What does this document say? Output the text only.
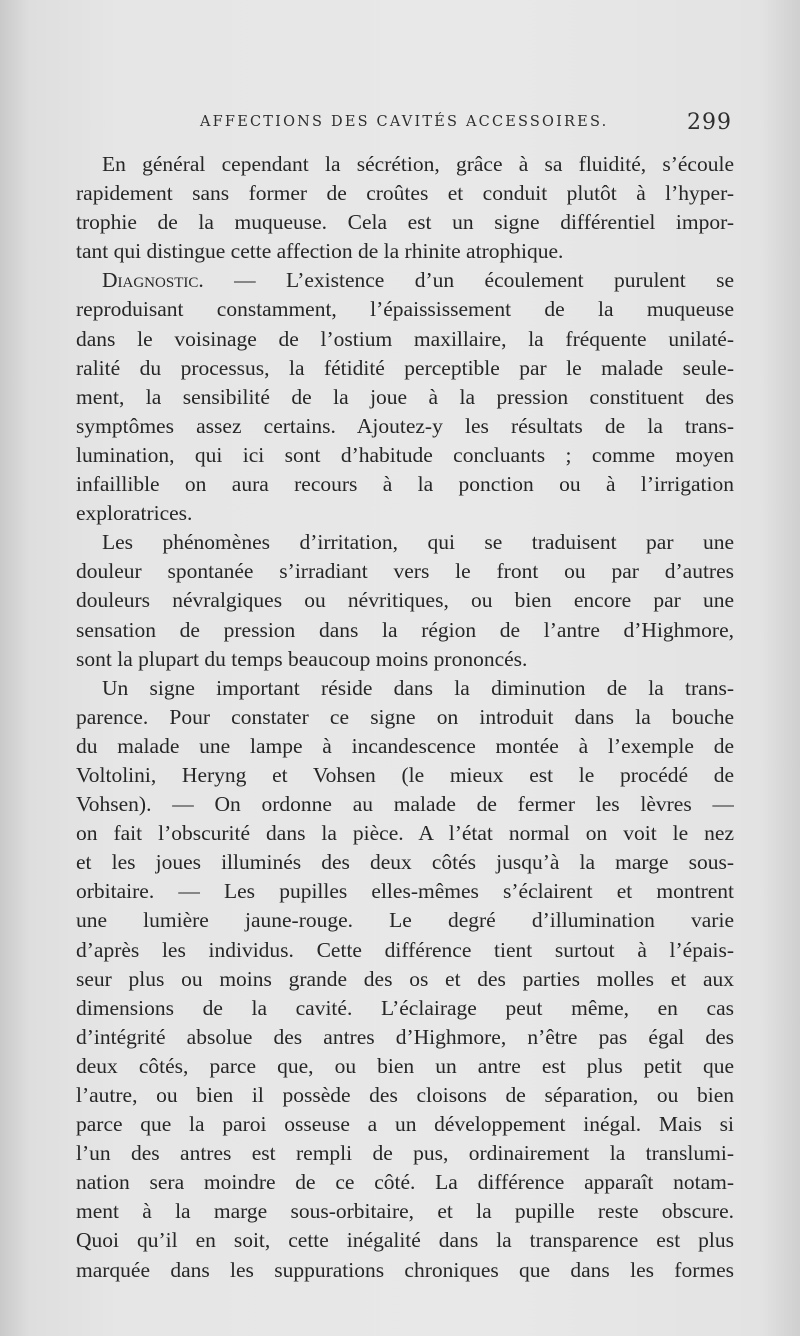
AFFECTIONS DES CAVITÉS ACCESSOIRES.	299
En général cependant la sécrétion, grâce à sa fluidité, s’écoule
rapidement sans former de croûtes et conduit plutôt à l’hyper-
trophie de la muqueuse. Cela est un signe différentiel impor-
tant qui distingue cette affection de la rhinite atrophique.
Diagnostic. — L’existence d’un écoulement purulent se
reproduisant constamment, l’épaississement de la muqueuse
dans le voisinage de l’ostium maxillaire, la fréquente unilaté-
ralité du processus, la fétidité perceptible par le malade seule-
ment, la sensibilité de la joue à la pression constituent des
symptômes assez certains. Ajoutez-y les résultats de la trans-
lumination, qui ici sont d’habitude concluants ; comme moyen
infaillible on aura recours à la ponction ou à l’irrigation
exploratrices.
Les phénomènes d’irritation, qui se traduisent par une
douleur spontanée s’irradiant vers le front ou par d’autres
douleurs névralgiques ou névritiques, ou bien encore par une
sensation de pression dans la région de l’antre d’Highmore,
sont la plupart du temps beaucoup moins prononcés.
Un signe important réside dans la diminution de la trans-
parence. Pour constater ce signe on introduit dans la bouche
du malade une lampe à incandescence montée à l’exemple de
Voltolini, Heryng et Vohsen (le mieux est le procédé de
Vohsen). — On ordonne au malade de fermer les lèvres —
on fait l’obscurité dans la pièce. A l’état normal on voit le nez
et les joues illuminés des deux côtés jusqu’à la marge sous-
orbitaire. — Les pupilles elles-mêmes s’éclairent et montrent
une lumière jaune-rouge. Le degré d’illumination varie
d’après les individus. Cette différence tient surtout à l’épais-
seur plus ou moins grande des os et des parties molles et aux
dimensions de la cavité. L’éclairage peut même, en cas
d’intégrité absolue des antres d’Highmore, n’être pas égal des
deux côtés, parce que, ou bien un antre est plus petit que
l’autre, ou bien il possède des cloisons de séparation, ou bien
parce que la paroi osseuse a un développement inégal. Mais si
l’un des antres est rempli de pus, ordinairement la translumi-
nation sera moindre de ce côté. La différence apparaît notam-
ment à la marge sous-orbitaire, et la pupille reste obscure.
Quoi qu’il en soit, cette inégalité dans la transparence est plus
marquée dans les suppurations chroniques que dans les formes
